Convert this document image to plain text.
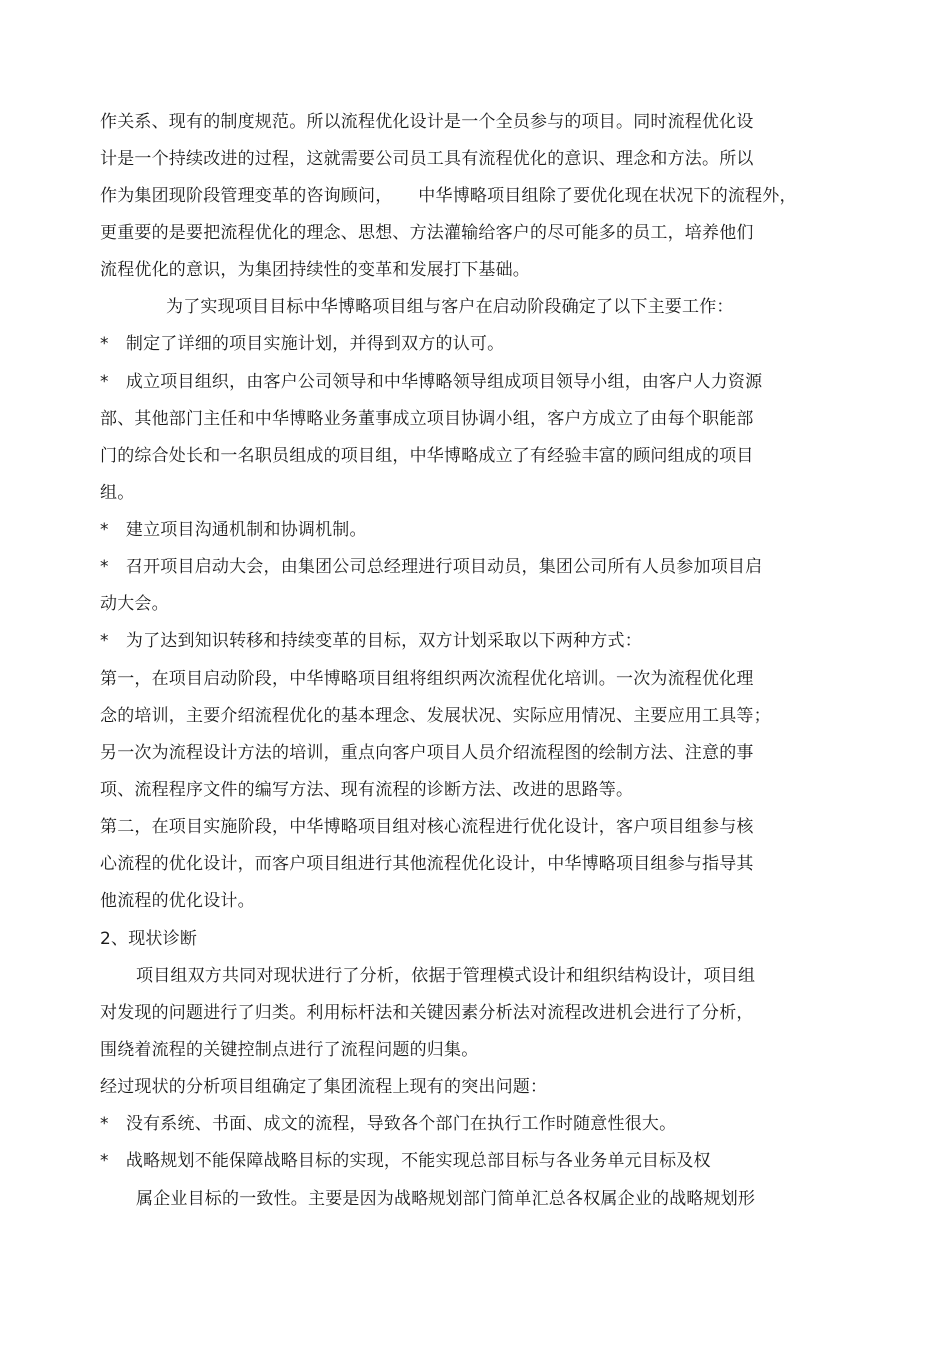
作关系、现有的制度规范。所以流程优化设计是一个全员参与的项目。同时流程优化设
计是一个持续改进的过程，这就需要公司员工具有流程优化的意识、理念和方法。所以
作为集团现阶段管理变革的咨询顾问，　　中华博略项目组除了要优化现在状况下的流程外，
更重要的是要把流程优化的理念、思想、方法灌输给客户的尽可能多的员工，培养他们
流程优化的意识，为集团持续性的变革和发展打下基础。
为了实现项目目标中华博略项目组与客户在启动阶段确定了以下主要工作：
*　制定了详细的项目实施计划，并得到双方的认可。
*　成立项目组织，由客户公司领导和中华博略领导组成项目领导小组，由客户人力资源
部、其他部门主任和中华博略业务董事成立项目协调小组，客户方成立了由每个职能部
门的综合处长和一名职员组成的项目组，中华博略成立了有经验丰富的顾问组成的项目
组。
*　建立项目沟通机制和协调机制。
*　召开项目启动大会，由集团公司总经理进行项目动员，集团公司所有人员参加项目启
动大会。
*　为了达到知识转移和持续变革的目标，双方计划采取以下两种方式：
第一，在项目启动阶段，中华博略项目组将组织两次流程优化培训。一次为流程优化理
念的培训，主要介绍流程优化的基本理念、发展状况、实际应用情况、主要应用工具等；
另一次为流程设计方法的培训，重点向客户项目人员介绍流程图的绘制方法、注意的事
项、流程程序文件的编写方法、现有流程的诊断方法、改进的思路等。
第二，在项目实施阶段，中华博略项目组对核心流程进行优化设计，客户项目组参与核
心流程的优化设计，而客户项目组进行其他流程优化设计，中华博略项目组参与指导其
他流程的优化设计。
2、现状诊断
项目组双方共同对现状进行了分析，依据于管理模式设计和组织结构设计，项目组
对发现的问题进行了归类。利用标杆法和关键因素分析法对流程改进机会进行了分析，
围绕着流程的关键控制点进行了流程问题的归集。
经过现状的分析项目组确定了集团流程上现有的突出问题：
*　没有系统、书面、成文的流程，导致各个部门在执行工作时随意性很大。
*　战略规划不能保障战略目标的实现，不能实现总部目标与各业务单元目标及权
属企业目标的一致性。主要是因为战略规划部门简单汇总各权属企业的战略规划形
